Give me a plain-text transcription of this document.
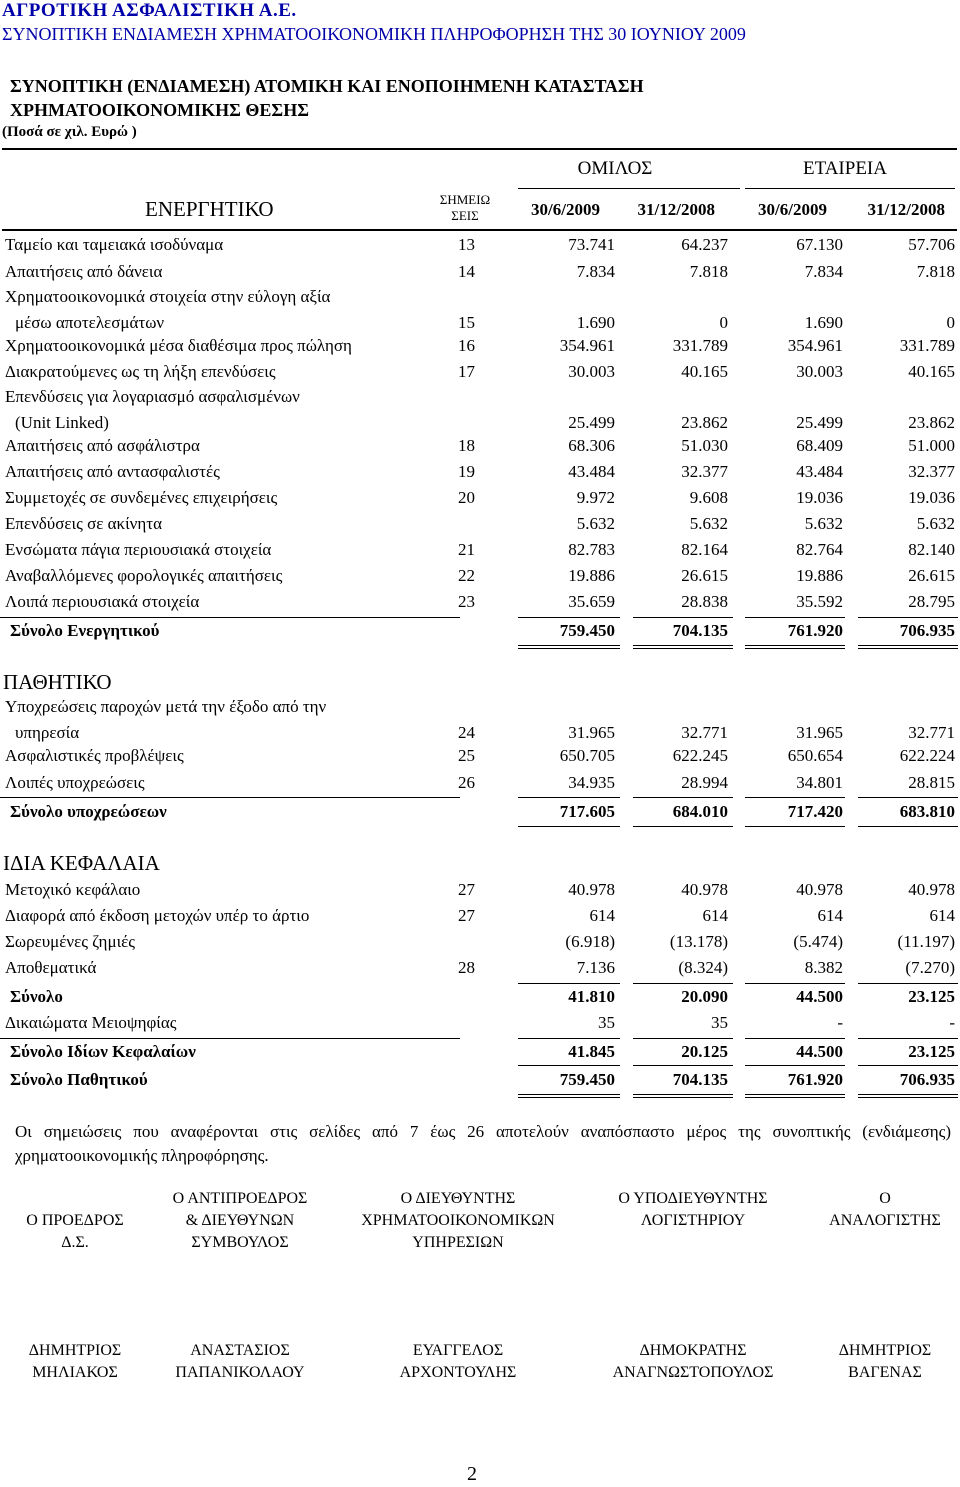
ΑΓΡΟΤΙΚΗ ΑΣΦΑΛΙΣΤΙΚΗ Α.Ε.
ΣΥΝΟΠΤΙΚΗ ΕΝΔΙΑΜΕΣΗ ΧΡΗΜΑΤΟΟΙΚΟΝΟΜΙΚΗ ΠΛΗΡΟΦΟΡΗΣΗ ΤΗΣ 30 ΙΟΥΝΙΟΥ 2009
ΣΥΝΟΠΤΙΚΗ (ΕΝΔΙΑΜΕΣΗ) ΑΤΟΜΙΚΗ ΚΑΙ ΕΝΟΠΟΙΗΜΕΝΗ ΚΑΤΑΣΤΑΣΗ
ΧΡΗΜΑΤΟΟΙΚΟΝΟΜΙΚΗΣ ΘΕΣΗΣ
(Ποσά σε χιλ. Ευρώ )
ΟΜΙΛΟΣ	ΕΤΑΙΡΕΙΑ
ΕΝΕΡΓΗΤΙΚΟ	ΣΗΜΕΙΩ ΣΕΙΣ	30/6/2009	31/12/2008	30/6/2009	31/12/2008
Ταμείο και ταμειακά ισοδύναμα	13	73.741	64.237	67.130	57.706
Απαιτήσεις από δάνεια	14	7.834	7.818	7.834	7.818
Χρηματοοικονομικά στοιχεία στην εύλογη αξία
μέσω αποτελεσμάτων	15	1.690	0	1.690	0
Χρηματοοικονομικά μέσα διαθέσιμα προς πώληση	16	354.961	331.789	354.961	331.789
Διακρατούμενες ως τη λήξη επενδύσεις	17	30.003	40.165	30.003	40.165
Επενδύσεις για λογαριασμό ασφαλισμένων
(Unit Linked)	25.499	23.862	25.499	23.862
Απαιτήσεις από ασφάλιστρα	18	68.306	51.030	68.409	51.000
Απαιτήσεις από αντασφαλιστές	19	43.484	32.377	43.484	32.377
Συμμετοχές σε συνδεμένες επιχειρήσεις	20	9.972	9.608	19.036	19.036
Επενδύσεις σε ακίνητα	5.632	5.632	5.632	5.632
Ενσώματα πάγια περιουσιακά στοιχεία	21	82.783	82.164	82.764	82.140
Αναβαλλόμενες φορολογικές απαιτήσεις	22	19.886	26.615	19.886	26.615
Λοιπά περιουσιακά στοιχεία	23	35.659	28.838	35.592	28.795
Σύνολο Ενεργητικού	759.450	704.135	761.920	706.935
Υποχρεώσεις παροχών μετά την έξοδο από την
υπηρεσία	24	31.965	32.771	31.965	32.771
Ασφαλιστικές προβλέψεις	25	650.705	622.245	650.654	622.224
Λοιπές υποχρεώσεις	26	34.935	28.994	34.801	28.815
Σύνολο υποχρεώσεων	717.605	684.010	717.420	683.810
Μετοχικό κεφάλαιο	27	40.978	40.978	40.978	40.978
Διαφορά από έκδοση μετοχών υπέρ το άρτιο	27	614	614	614	614
Σωρευμένες ζημιές	(6.918)	(13.178)	(5.474)	(11.197)
Αποθεματικά	28	7.136	(8.324)	8.382	(7.270)
Σύνολο	41.810	20.090	44.500	23.125
Δικαιώματα Μειοψηφίας	35	35	-	-
Σύνολο Ιδίων Κεφαλαίων	41.845	20.125	44.500	23.125
Σύνολο Παθητικού	759.450	704.135	761.920	706.935
ΠΑΘΗΤΙΚΟ
ΙΔΙΑ ΚΕΦΑΛΑΙΑ
Οι σημειώσεις που αναφέρονται στις σελίδες από 7 έως 26 αποτελούν αναπόσπαστο μέρος της συνοπτικής (ενδιάμεσης) χρηματοοικονομικής πληροφόρησης.
Ο ΠΡΟΕΔΡΟΣ
Δ.Σ.
ΔΗΜΗΤΡΙΟΣ
ΜΗΛΙΑΚΟΣ
Ο ΑΝΤΙΠΡΟΕΔΡΟΣ
& ΔΙΕΥΘΥΝΩΝ
ΣΥΜΒΟΥΛΟΣ
ΑΝΑΣΤΑΣΙΟΣ
ΠΑΠΑΝΙΚΟΛΑΟΥ
Ο ΔΙΕΥΘΥΝΤΗΣ
ΧΡΗΜΑΤΟΟΙΚΟΝΟΜΙΚΩΝ
ΥΠΗΡΕΣΙΩΝ
ΕΥΑΓΓΕΛΟΣ
ΑΡΧΟΝΤΟΥΛΗΣ
Ο ΥΠΟΔΙΕΥΘΥΝΤΗΣ
ΛΟΓΙΣΤΗΡΙΟΥ
ΔΗΜΟΚΡΑΤΗΣ
ΑΝΑΓΝΩΣΤΟΠΟΥΛΟΣ
Ο
ΑΝΑΛΟΓΙΣΤΗΣ
ΔΗΜΗΤΡΙΟΣ
ΒΑΓΕΝΑΣ
2
